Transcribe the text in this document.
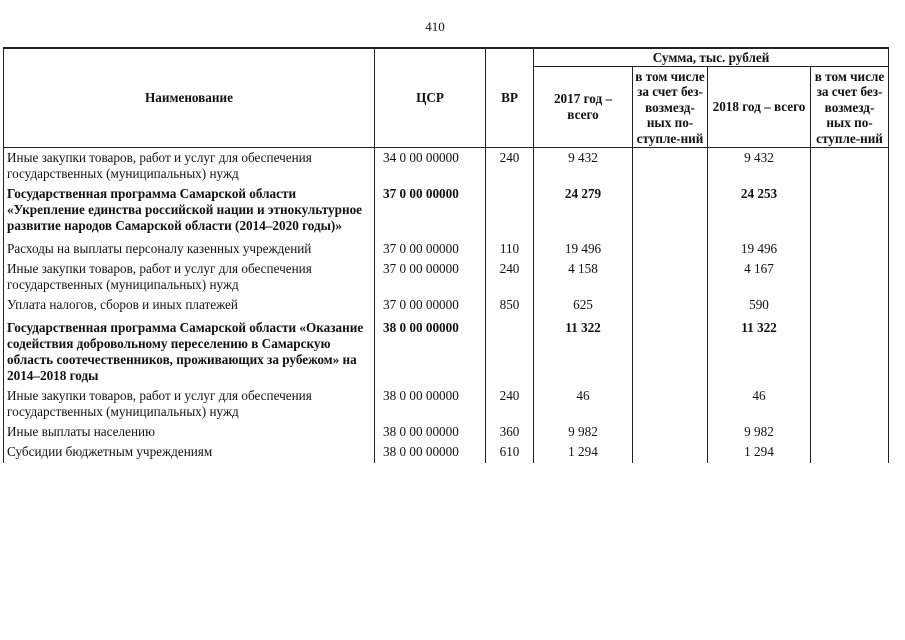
410
Наименование	ЦСР	ВР	Сумма, тыс. рублей			
			2017 год – всего	в том числе за счет без-возмезд-ных по-ступле-ний	2018 год – всего	в том числе за счет без-возмезд-ных по-ступле-ний
Иные закупки товаров, работ и услуг для обеспечения государственных (муниципальных) нужд	34 0 00 00000	240	9 432		9 432	
Государственная программа Самарской области «Укрепление единства российской нации и этнокультурное развитие народов Самарской области (2014–2020 годы)»	37 0 00 00000		24 279		24 253	
Расходы на выплаты персоналу казенных учреждений	37 0 00 00000	110	19 496		19 496	
Иные закупки товаров, работ и услуг для обеспечения государственных (муниципальных) нужд	37 0 00 00000	240	4 158		4 167	
Уплата налогов, сборов и иных платежей	37 0 00 00000	850	625		590	
Государственная программа Самарской области «Оказание содействия добровольному переселению в Самарскую область соотечественников, проживающих за рубежом» на 2014–2018 годы	38 0 00 00000		11 322		11 322	
Иные закупки товаров, работ и услуг для обеспечения государственных (муниципальных) нужд	38 0 00 00000	240	46		46	
Иные выплаты населению	38 0 00 00000	360	9 982		9 982	
Субсидии бюджетным учреждениям	38 0 00 00000	610	1 294		1 294	
